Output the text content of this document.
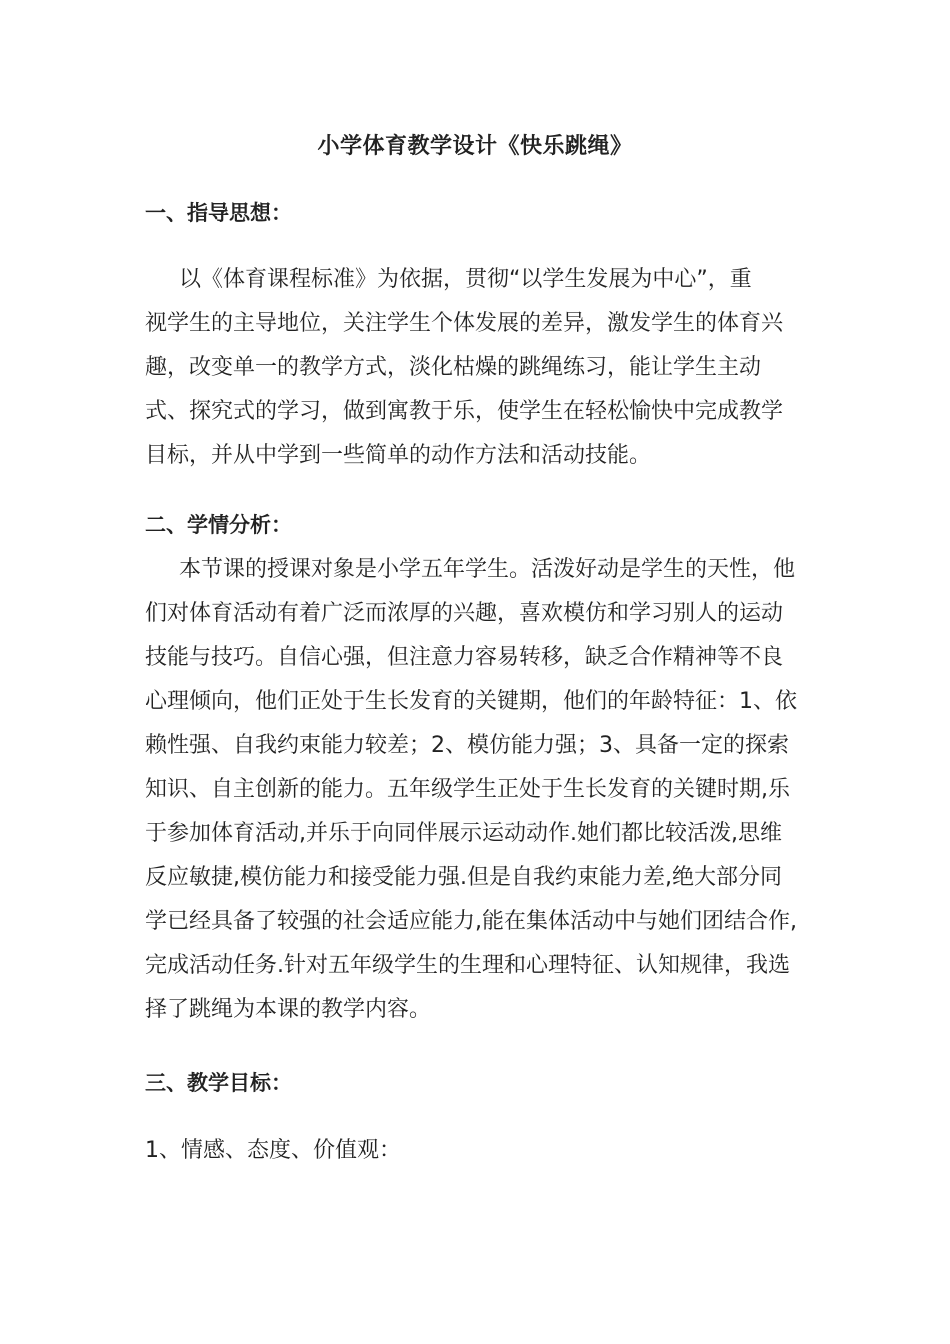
小学体育教学设计《快乐跳绳》
一、指导思想：
以《体育课程标准》为依据，贯彻“以学生发展为中心”，重
视学生的主导地位，关注学生个体发展的差异，激发学生的体育兴
趣，改变单一的教学方式，淡化枯燥的跳绳练习，能让学生主动
式、探究式的学习，做到寓教于乐，使学生在轻松愉快中完成教学
目标，并从中学到一些简单的动作方法和活动技能。
二、学情分析：
本节课的授课对象是小学五年学生。活泼好动是学生的天性，他
们对体育活动有着广泛而浓厚的兴趣，喜欢模仿和学习别人的运动
技能与技巧。自信心强，但注意力容易转移，缺乏合作精神等不良
心理倾向，他们正处于生长发育的关键期，他们的年龄特征：1、依
赖性强、自我约束能力较差；2、模仿能力强；3、具备一定的探索
知识、自主创新的能力。五年级学生正处于生长发育的关键时期,乐
于参加体育活动,并乐于向同伴展示运动动作.她们都比较活泼,思维
反应敏捷,模仿能力和接受能力强.但是自我约束能力差,绝大部分同
学已经具备了较强的社会适应能力,能在集体活动中与她们团结合作,
完成活动任务.针对五年级学生的生理和心理特征、认知规律，我选
择了跳绳为本课的教学内容。
三、教学目标：
1、情感、态度、价值观：
